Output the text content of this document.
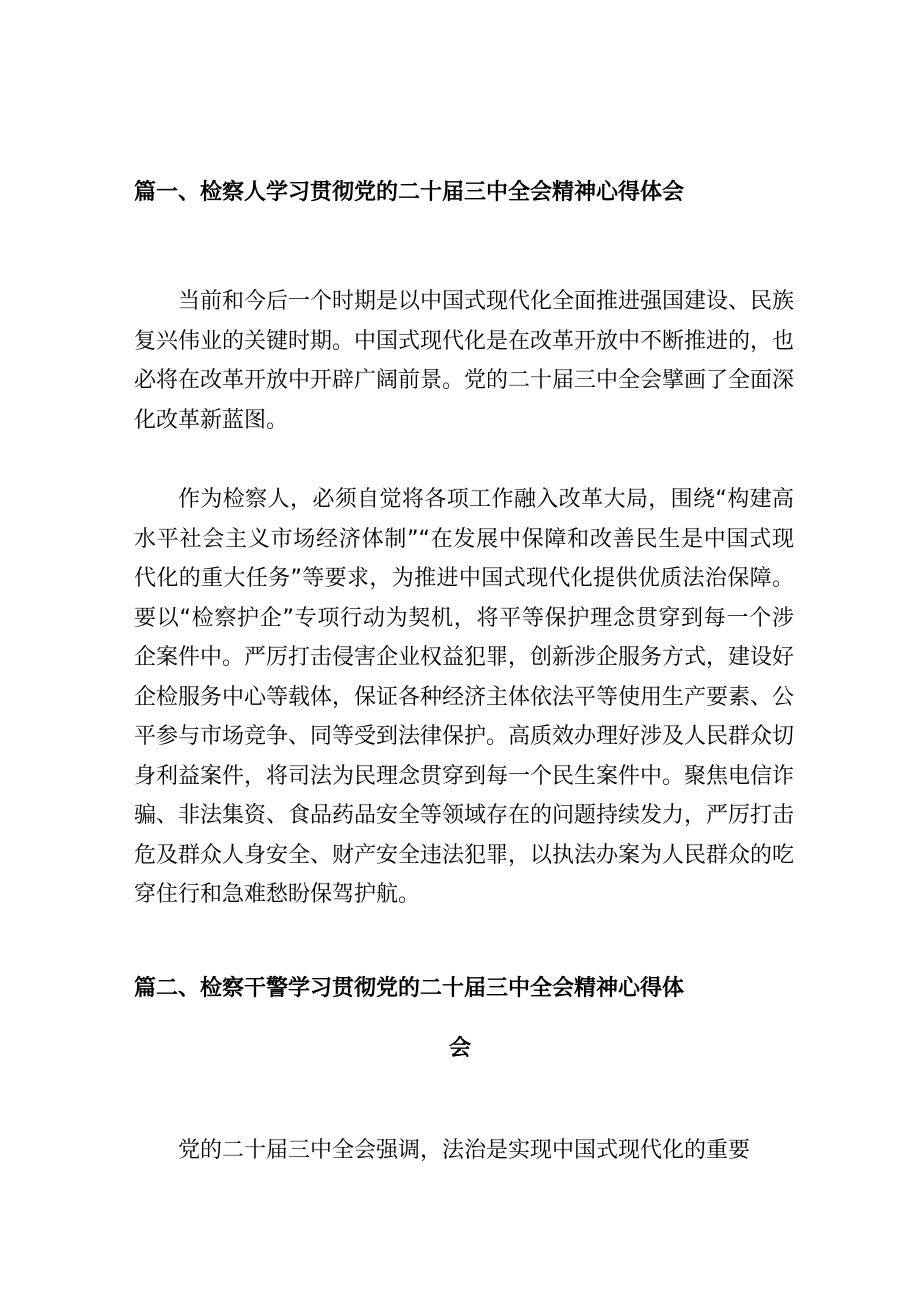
篇一、检察人学习贯彻党的二十届三中全会精神心得体会
当前和今后一个时期是以中国式现代化全面推进强国建设、民族复兴伟业的关键时期。中国式现代化是在改革开放中不断推进的，也必将在改革开放中开辟广阔前景。党的二十届三中全会擘画了全面深化改革新蓝图。
作为检察人，必须自觉将各项工作融入改革大局，围绕“构建高水平社会主义市场经济体制”“在发展中保障和改善民生是中国式现代化的重大任务”等要求，为推进中国式现代化提供优质法治保障。要以“检察护企”专项行动为契机，将平等保护理念贯穿到每一个涉企案件中。严厉打击侵害企业权益犯罪，创新涉企服务方式，建设好企检服务中心等载体，保证各种经济主体依法平等使用生产要素、公平参与市场竞争、同等受到法律保护。高质效办理好涉及人民群众切身利益案件，将司法为民理念贯穿到每一个民生案件中。聚焦电信诈骗、非法集资、食品药品安全等领域存在的问题持续发力，严厉打击危及群众人身安全、财产安全违法犯罪，以执法办案为人民群众的吃穿住行和急难愁盼保驾护航。
篇二、检察干警学习贯彻党的二十届三中全会精神心得体
会
党的二十届三中全会强调，法治是实现中国式现代化的重要
